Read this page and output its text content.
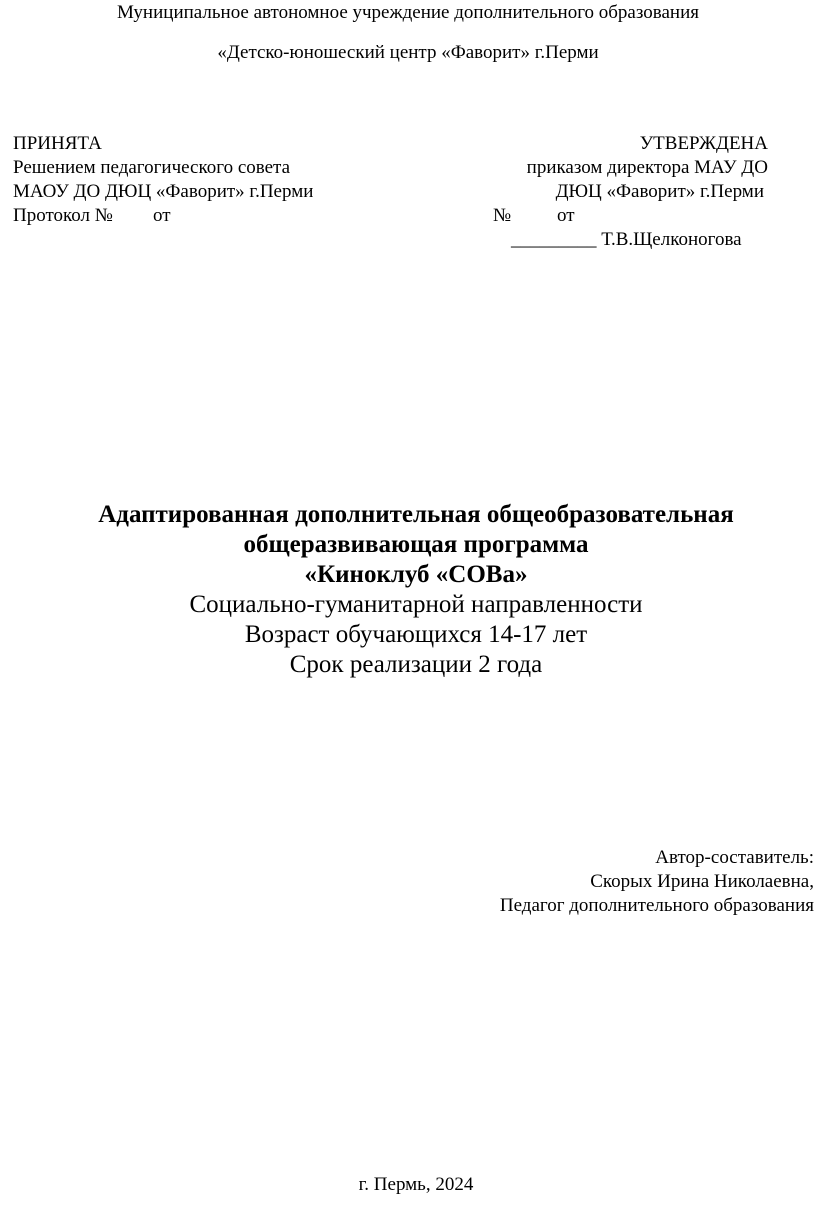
Муниципальное автономное учреждение дополнительного образования
«Детско-юношеский центр «Фаворит» г.Перми
ПРИНЯТА
Решением педагогического совета
МАОУ ДО ДЮЦ «Фаворит» г.Перми
Протокол № от
УТВЕРЖДЕНА
приказом директора МАУ ДО
ДЮЦ «Фаворит» г.Перми
№ от
_________ Т.В.Щелконогова
Адаптированная дополнительная общеобразовательная
общеразвивающая программа
«Киноклуб «СОВа»
Социально-гуманитарной направленности
Возраст обучающихся 14-17 лет
Срок реализации 2 года
Автор-составитель:
Скорых Ирина Николаевна,
Педагог дополнительного образования
г. Пермь, 2024
